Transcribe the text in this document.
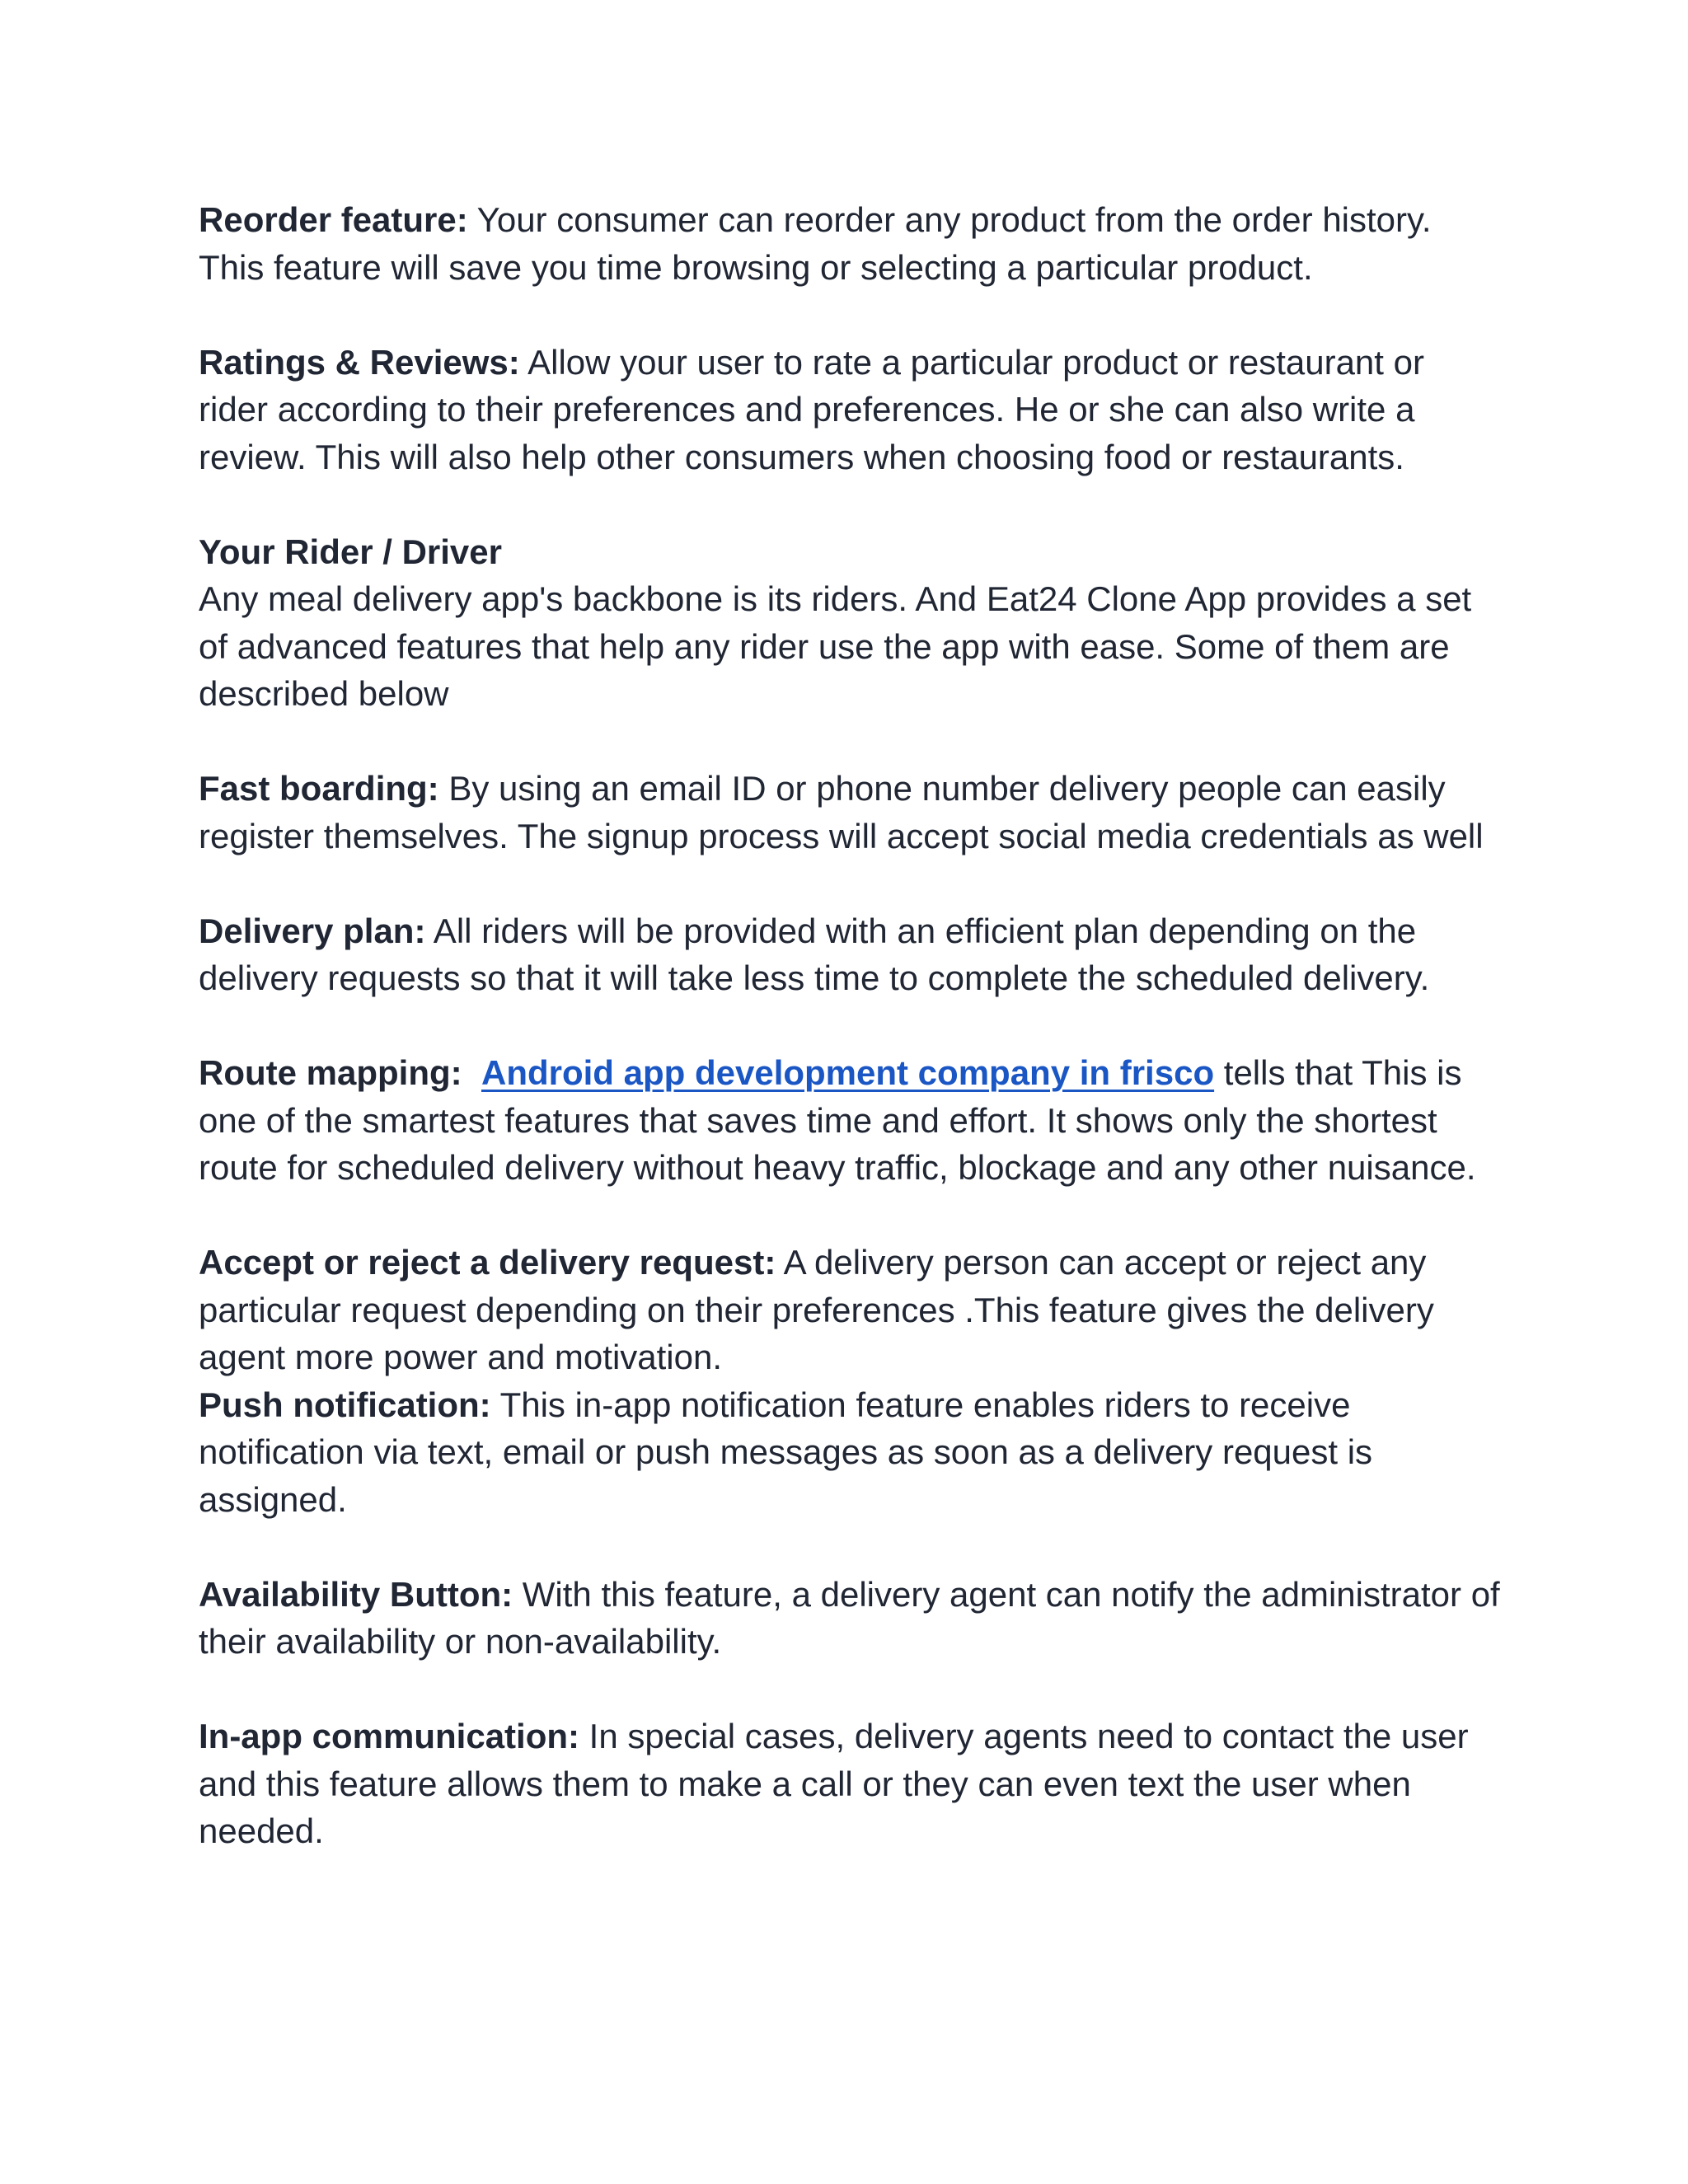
Reorder feature: Your consumer can reorder any product from the order history. This feature will save you time browsing or selecting a particular product.

Ratings & Reviews: Allow your user to rate a particular product or restaurant or rider according to their preferences and preferences. He or she can also write a review. This will also help other consumers when choosing food or restaurants.

Your Rider / Driver
Any meal delivery app's backbone is its riders. And Eat24 Clone App provides a set of advanced features that help any rider use the app with ease. Some of them are described below

Fast boarding: By using an email ID or phone number delivery people can easily register themselves. The signup process will accept social media credentials as well

Delivery plan: All riders will be provided with an efficient plan depending on the delivery requests so that it will take less time to complete the scheduled delivery.

Route mapping: Android app development company in frisco tells that This is one of the smartest features that saves time and effort. It shows only the shortest route for scheduled delivery without heavy traffic, blockage and any other nuisance.

Accept or reject a delivery request: A delivery person can accept or reject any particular request depending on their preferences .This feature gives the delivery agent more power and motivation.

Push notification: This in-app notification feature enables riders to receive notification via text, email or push messages as soon as a delivery request is assigned.

Availability Button: With this feature, a delivery agent can notify the administrator of their availability or non-availability.

In-app communication: In special cases, delivery agents need to contact the user and this feature allows them to make a call or they can even text the user when needed.
